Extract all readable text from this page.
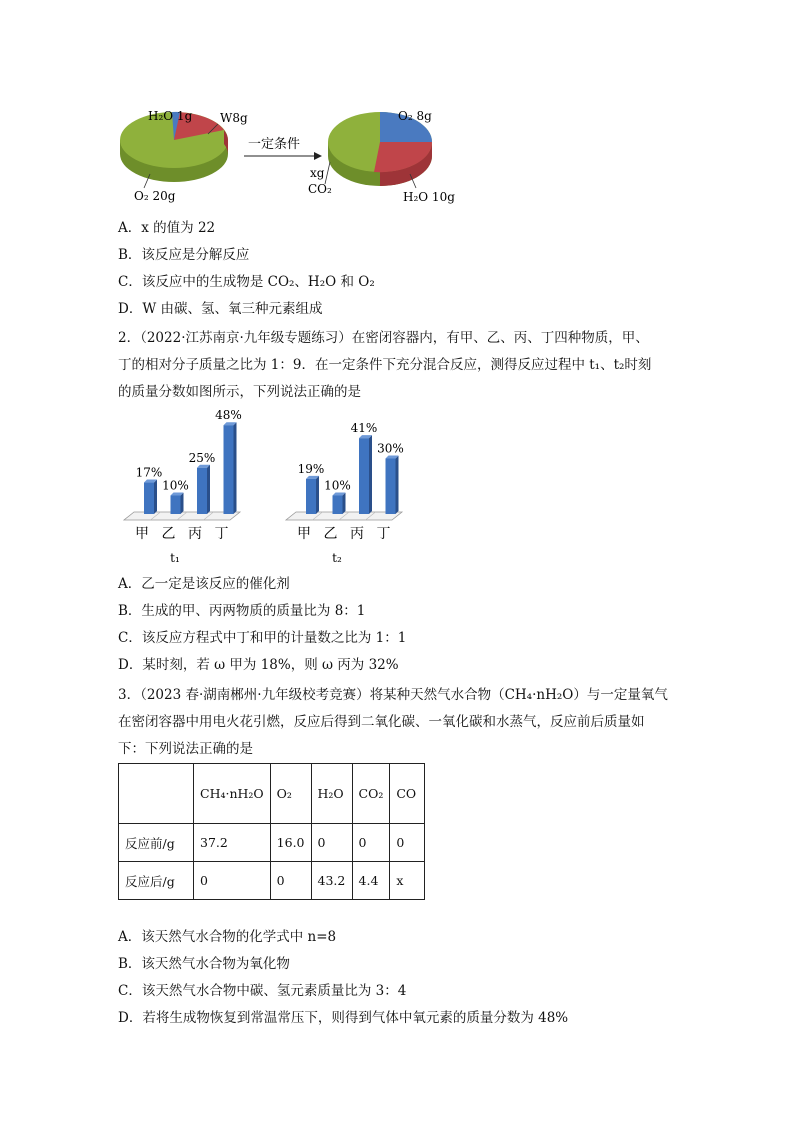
H₂O 1g W8g
O₂ 20g
一定条件
O₂ 8g
xg
CO₂
H₂O 10g
A．x 的值为 22
B．该反应是分解反应
C．该反应中的生成物是 CO₂、H₂O 和 O₂
D．W 由碳、氢、氧三种元素组成
2．（2022·江苏南京·九年级专题练习）在密闭容器内，有甲、乙、丙、丁四种物质，甲、
丁的相对分子质量之比为 1：9．在一定条件下充分混合反应，测得反应过程中 t₁、t₂时刻
的质量分数如图所示，下列说法正确的是
17%
甲
10%
乙
25%
丙
48%
丁
t₁
19%
甲
10%
乙
41%
丙
30%
丁
t₂
A．乙一定是该反应的催化剂
B．生成的甲、丙两物质的质量比为 8：1
C．该反应方程式中丁和甲的计量数之比为 1：1
D．某时刻，若 ω 甲为 18%，则 ω 丙为 32%
3．（2023 春·湖南郴州·九年级校考竞赛）将某种天然气水合物（CH₄·nH₂O）与一定量氧气
在密闭容器中用电火花引燃，反应后得到二氧化碳、一氧化碳和水蒸气，反应前后质量如
下：下列说法正确的是
	CH₄·nH₂O	O₂	H₂O	CO₂	CO
反应前/g	37.2	16.0	0	0	0
反应后/g	0	0	43.2	4.4	x
A．该天然气水合物的化学式中 n=8
B．该天然气水合物为氧化物
C．该天然气水合物中碳、氢元素质量比为 3：4
D．若将生成物恢复到常温常压下，则得到气体中氧元素的质量分数为 48%
